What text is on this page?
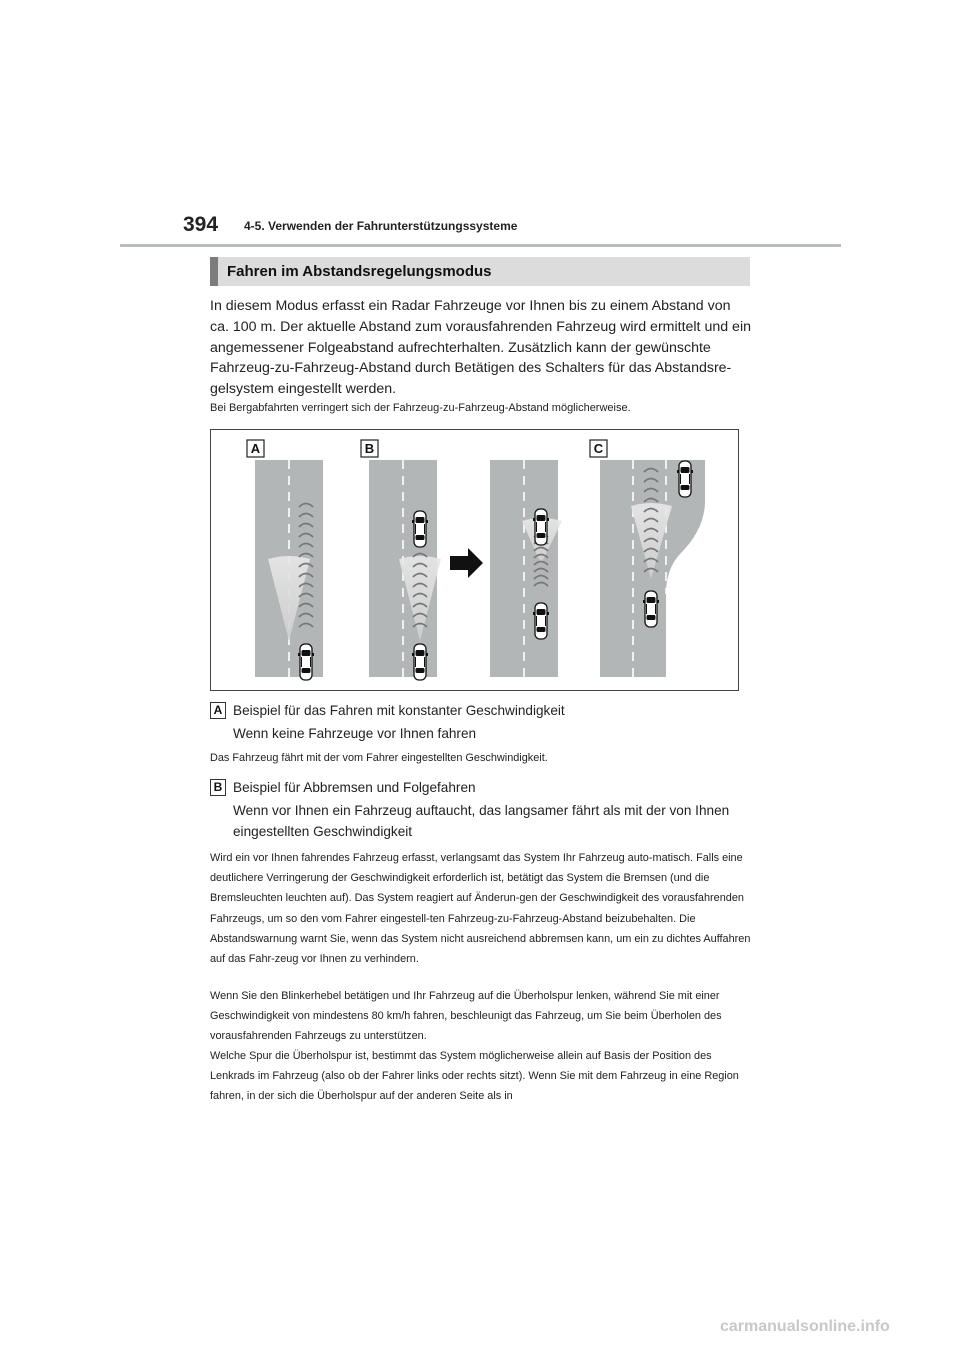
394 4-5. Verwenden der Fahrunterstützungssysteme
Fahren im Abstandsregelungsmodus
In diesem Modus erfasst ein Radar Fahrzeuge vor Ihnen bis zu einem Abstand von ca. 100 m. Der aktuelle Abstand zum vorausfahrenden Fahrzeug wird ermittelt und ein angemessener Folgeabstand aufrechterhalten. Zusätzlich kann der gewünschte Fahrzeug-zu-Fahrzeug-Abstand durch Betätigen des Schalters für das Abstandsre-gelsystem eingestellt werden.
Bei Bergabfahrten verringert sich der Fahrzeug-zu-Fahrzeug-Abstand möglicherweise.
A	B	C
A Beispiel für das Fahren mit konstanter Geschwindigkeit
Wenn keine Fahrzeuge vor Ihnen fahren
Das Fahrzeug fährt mit der vom Fahrer eingestellten Geschwindigkeit.
B Beispiel für Abbremsen und Folgefahren
Wenn vor Ihnen ein Fahrzeug auftaucht, das langsamer fährt als mit der von Ihnen eingestellten Geschwindigkeit
Wird ein vor Ihnen fahrendes Fahrzeug erfasst, verlangsamt das System Ihr Fahrzeug auto-matisch. Falls eine deutlichere Verringerung der Geschwindigkeit erforderlich ist, betätigt das System die Bremsen (und die Bremsleuchten leuchten auf). Das System reagiert auf Änderun-gen der Geschwindigkeit des vorausfahrenden Fahrzeugs, um so den vom Fahrer eingestell-ten Fahrzeug-zu-Fahrzeug-Abstand beizubehalten. Die Abstandswarnung warnt Sie, wenn das System nicht ausreichend abbremsen kann, um ein zu dichtes Auffahren auf das Fahr-zeug vor Ihnen zu verhindern.
Wenn Sie den Blinkerhebel betätigen und Ihr Fahrzeug auf die Überholspur lenken, während Sie mit einer Geschwindigkeit von mindestens 80 km/h fahren, beschleunigt das Fahrzeug, um Sie beim Überholen des vorausfahrenden Fahrzeugs zu unterstützen.
Welche Spur die Überholspur ist, bestimmt das System möglicherweise allein auf Basis der Position des Lenkrads im Fahrzeug (also ob der Fahrer links oder rechts sitzt). Wenn Sie mit dem Fahrzeug in eine Region fahren, in der sich die Überholspur auf der anderen Seite als in
carmanualsonline.info
